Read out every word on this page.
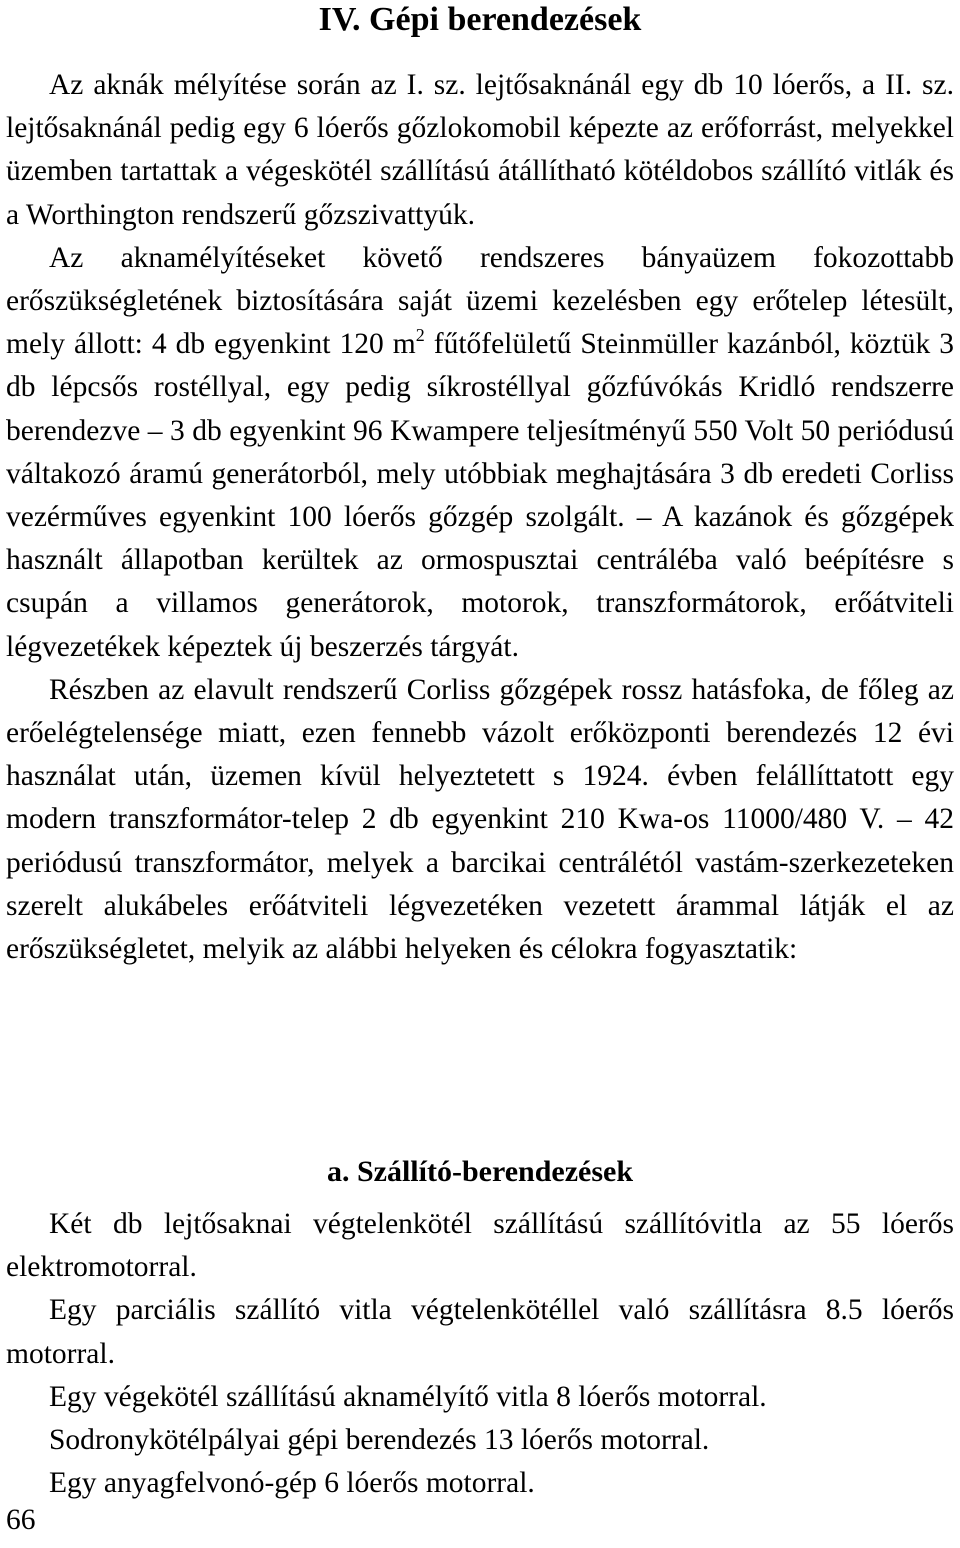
IV. Gépi berendezések

Az aknák mélyítése során az I. sz. lejtősaknánál egy db 10 lóerős, a II. sz. lejtősaknánál pedig egy 6 lóerős gőzlokomobil képezte az erőforrást, melyekkel üzemben tartattak a végeskötél szállítású átállítható kötéldobos szállító vitlák és a Worthington rendszerű gőzszivattyúk.

Az aknamélyítéseket követő rendszeres bányaüzem fokozottabb erőszükségletének biztosítására saját üzemi kezelésben egy erőtelep létesült, mely állott: 4 db egyenkint 120 $m^2$ fűtőfelületű Steinmüller kazánból, köztük 3 db lépcsős rostéllyal, egy pedig síkrostéllyal gőzfúvókás Kridló rendszerre berendezve – 3 db egyenkint 96 Kwampere teljesítményű 550 Volt 50 periódusú váltakozó áramú generátorból, mely utóbbiak meghajtására 3 db eredeti Corliss vezérműves egyenkint 100 lóerős gőzgép szolgált. – A kazánok és gőzgépek használt állapotban kerültek az ormospusztai centráléba való beépítésre s csupán a villamos generátorok, motorok, transzformátorok, erőátviteli légvezetékek képeztek új beszerzés tárgyát.

Részben az elavult rendszerű Corliss gőzgépek rossz hatásfoka, de főleg az erőelégtelensége miatt, ezen fennebb vázolt erőközponti berendezés 12 évi használat után, üzemen kívül helyeztetett s 1924. évben felállíttatott egy modern transzformátor-telep 2 db egyenkint 210 Kwa-os 11000/480 V. – 42 periódusú transzformátor, melyek a barcikai centrálétól vastám-szerkezeteken szerelt alukábeles erőátviteli légvezetéken vezetett árammal látják el az erőszükségletet, melyik az alábbi helyeken és célokra fogyasztatik:

a. Szállító-berendezések

Két db lejtősaknai végtelenkötél szállítású szállítóvitla az 55 lóerős elektromotorral.

Egy parciális szállító vitla végtelenkötéllel való szállításra 8.5 lóerős motorral.

Egy végekötél szállítású aknamélyítő vitla 8 lóerős motorral.

Sodronykötélpályai gépi berendezés 13 lóerős motorral.

Egy anyagfelvonó-gép 6 lóerős motorral.

66
